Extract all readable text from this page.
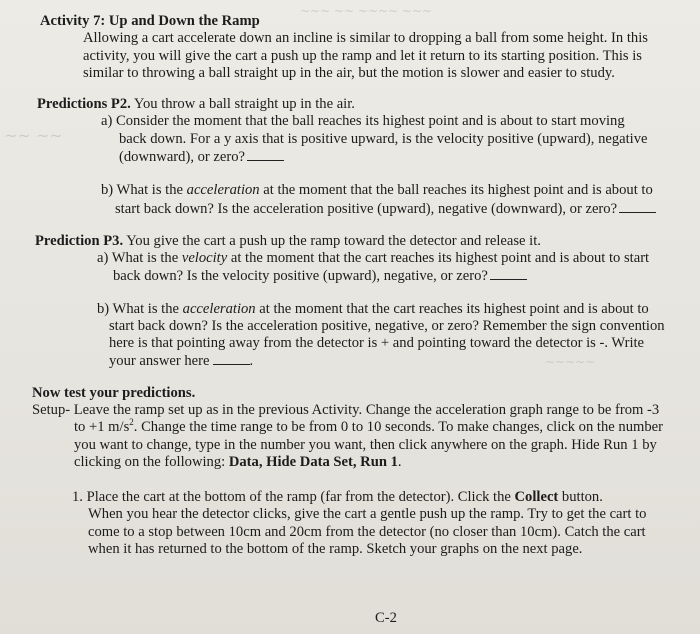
~~~ ~~ ~~~~ ~~~
~~ ~~
~~~~~
Activity 7: Up and Down the Ramp
Allowing a cart accelerate down an incline is similar to dropping a ball from some height. In this
activity, you will give the cart a push up the ramp and let it return to its starting position. This is
similar to throwing a ball straight up in the air, but the motion is slower and easier to study.
Predictions P2. You throw a ball straight up in the air.
a) Consider the moment that the ball reaches its highest point and is about to start moving
back down. For a y axis that is positive upward, is the velocity positive (upward), negative
(downward), or zero?
b) What is the acceleration at the moment that the ball reaches its highest point and is about to
start back down? Is the acceleration positive (upward), negative (downward), or zero?
Prediction P3. You give the cart a push up the ramp toward the detector and release it.
a) What is the velocity at the moment that the cart reaches its highest point and is about to start
back down? Is the velocity positive (upward), negative, or zero?
b) What is the acceleration at the moment that the cart reaches its highest point and is about to
start back down? Is the acceleration positive, negative, or zero? Remember the sign convention
here is that pointing away from the detector is + and pointing toward the detector is -. Write
your answer here	.
Now test your predictions.
Setup- Leave the ramp set up as in the previous Activity. Change the acceleration graph range to be from -3
to +1 $m/s^2$. Change the time range to be from 0 to 10 seconds. To make changes, click on the number
you want to change, type in the number you want, then click anywhere on the graph. Hide Run 1 by
clicking on the following: Data, Hide Data Set, Run 1.
1. Place the cart at the bottom of the ramp (far from the detector). Click the Collect button.
When you hear the detector clicks, give the cart a gentle push up the ramp. Try to get the cart to
come to a stop between 10cm and 20cm from the detector (no closer than 10cm). Catch the cart
when it has returned to the bottom of the ramp. Sketch your graphs on the next page.
C-2
